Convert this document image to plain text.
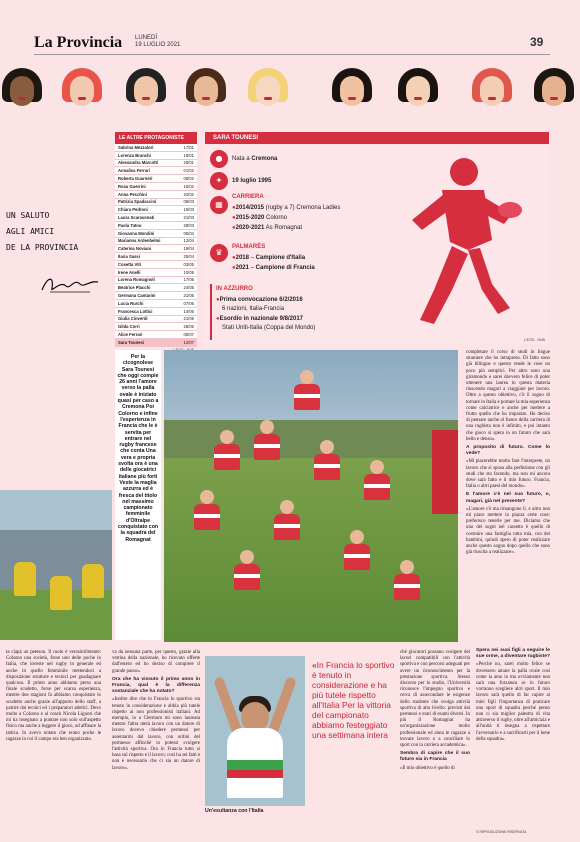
La Provincia LUNEDÌ
19 LUGLIO 2021	39
UN SALUTO
AGLI AMICI
DE LA PROVINCIA
LE ALTRE PROTAGONISTE
Sabrina Mezzalori	17/01
Lorenza Branchi	18/01
Alessandra Marcotti	25/01
Annalisa Ferrari	01/02
Roberta Guarneri	08/02
Rosa Guerrini	15/02
Anna Pecchini	22/02
Patrizia Spadaccini	08/03
Chiara Pedroni	15/03
Laura Scaravonati	21/03
Paola Tatou	28/03
Giovanna Mondini	05/04
Marianna Ardenbelmi	12/04
Caterina Noviani	19/04
Ilaria Sassi	25/04
Cosetta Viti	03/05
Irene Anelli	10/05
Lorena Romagnoli	17/05
Beatrice Placchi	24/05
Germana Cantarini	31/05
Lucia Rurchi	07/06
Francesca Lottici	14/06
Giulia Cinverdi	21/06
Gilda Corri	28/06
Alice Ferrari	05/07
Sara Tounesi	12/07
SARA TOUNESI
●	Nata a Cremona
✦	19 luglio 1995
▦
CARRIERA
●2014/2015 (rugby a 7) Cremona Ladies
●2015-2020 Colorno
●2020-2021 As Romagnat
♛
PALMARÈS
●2018 – Campione d'Italia
●2021 – Campione di Francia
IN AZZURRO
●Prima convocazione 6/2/2016
6 nazioni, Italia-Francia
●Esordio in nazionale 9/8/2017
Stati Uniti-Italia (Coppa del Mondo)
L'EGO - HUB
Per la cicognolese Sara Tounesi che oggi compie 26 anni l'amore verso la palla ovale è iniziato quasi per caso a Cremona Poi Colorno e infine l'esperienza in Francia che le è servita per entrare nel rugby francese che conta Una vera e propria svolta ora è una delle giocatrici italiane più forti Veste la maglia azzurra ed è fresca del titolo nel massimo campionato femminile d'Oltralpe conquistato con la squadra del Romagnat

ta ciapà un peteson. Il ruolo è verosimilmente: Colorno una società, forse uno delle poche in Italia, che investe nel rugby in generale ed anche in quello femminile mettendoci a disposizione strutture e tecnici per guadagnare qualcosa. Il primo anno abbiamo perso una finale scudetto, forse per scarsa esperienza, mentre due stagioni fa abbiamo conquistato lo scudetto anche grazie all'apporto dello staff, a partire dai tecnici ed i preparatori atletici. Devo molto a Colorno e al coach Nicola Liguori che mi ha insegnato a puntare non solo sull'aspetto fisico ma anche a leggere il gioco, ad affinare la tattica. Io avevo notato che erano poche le ragazze in cui il campo era ben organizzato.

va da nessuna parte, per questo, grazie alla vetrina della nazionale, ho ricevuto offerte dall'estero ed ho deciso di compiere il grande passo».

Ora che ha vissuto il primo anno in Francia, qual è la differenza sostanziale che ha notato?

«Inoltre dire che in Francia lo sportivo sta tenuto in considerazione e abbia più tutele rispetto ai non professionisti italiani. Ad esempio, io a Clermont mi sono laureata mentre l'altra metà lavoro con un datore di lavoro dovevo chiedere permessi per assentarmi dal lavoro, con ordini del permesso affinché io potessi svolgere l'attività sportiva. Ora in Francia tutto si basa sul rispetto e il lavoro; così ha sei fatti e non è necessario che ci sia un datore di lavoro».

Un'esultanza con l'Italia
«In Francia lo sportivo è tenuto in considerazione e ha più tutele rispetto all'Italia Per la vittoria del campionato abbiamo festeggiato una settimana intera

ché giocatori possano svolgere del lavori compatibili con l'attività sportiva e con percorsi adeguati per avere un riconoscimento per la prestazione sportiva. Stesso discorso per lo studio, l'Università riconosce l'impegno sportivo e cerca di assecondare le esigenze dello studente che svolga attività sportiva di alto livello: previsti dai permessi e orari di esami diversi. In più il Romagnat ha un'organizzazione molto professionale ed aiuta le ragazze a trovare lavoro o a conciliare lo sport con la carriera accademica».

Sembra di capire che il suo futuro sia in Francia

«Il mio obiettivo è quello di

completare il corso di studi in lingue straniere che ho intrapreso. Di fatto sono già bilingue e questo rende le cose un poco più semplici. Per altro sono una giramondo e sarei davvero felice di poter ottenere una laurea in questa materia riuscendo magari a viaggiare per lavoro. Oltre a questo obiettivo, c'è il sogno di tornare in Italia e portare la mia esperienza come calciatrice e anche per mettere a frutto quello che ho imparato. Ho deciso di pensare anche al futuro della carriera di una rugbista non è infinito, e poi intanto che gioco si spera in un futuro che sarà bello e denso».

A proposito di futuro. Come lo vede?

«Mi piacerebbe molto fare l'interprete, un lavoro che si sposa alla perfezione con gli studi che sto facendo, ma non mi ancora dove sarà fatto e il mio futuro. Francia, Italia o altri paesi del mondo».

E l'amore c'è nel suo futuro, o, magari, già nel presente?

«L'amore c'è ma rimangono lì, e altro non mi piace mettere in piazza certe cose: preferisco tenerle per me. Diciamo che uno dei sogni nel cassetto è quello di costruire una famiglia tutta mia, con dei bambini, quindi spero di poter realizzare anche questo sogno dopo quello che sono già riuscita a realizzare».

Spera nei suoi figli a seguire le sue orme, a diventare rugbiste?

«Perché no, sarei molto felice se dovessero amare la palla ovale così come la amo io ma ovviamente non sarà una forzatura se in futuro vorranno scegliere altri sport. Il mio lavoro sarà quello di far capire ai miei figli l'importanza di praticare uno sport di squadra perché penso non ci sia miglior palestra di vita attraverso il rugby, oltre all'amicizia e all'unità ti insegna a rispettare l'avversario e a sacrificarti per il bene della squadra».

© RIPRODUZIONE RISERVATA
